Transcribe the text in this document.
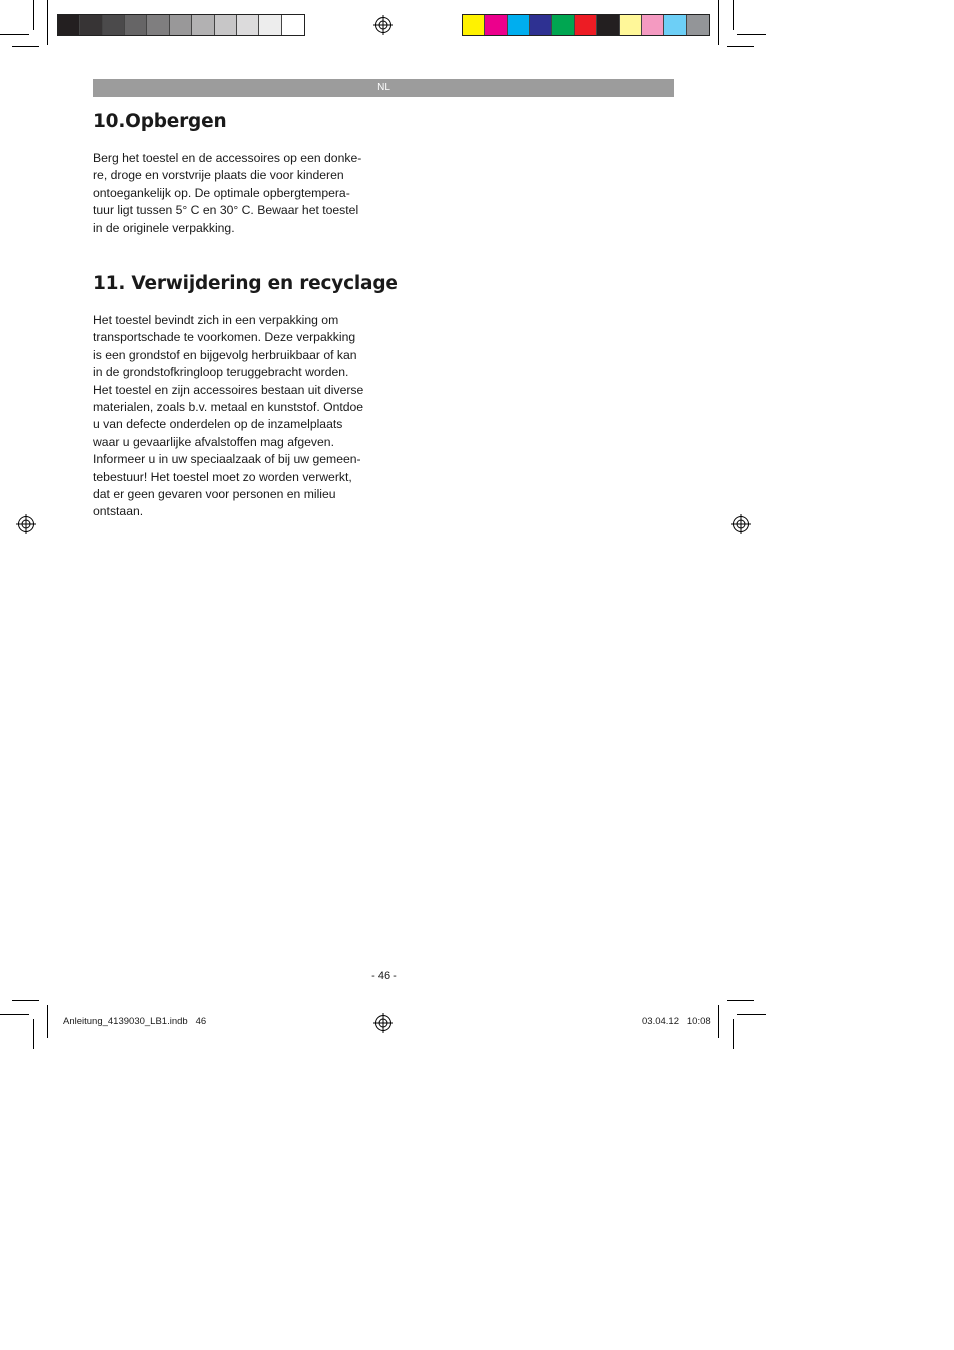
NL
10.Opbergen
Berg het toestel en de accessoires op een donke-
re, droge en vorstvrije plaats die voor kinderen
ontoegankelijk op. De optimale opbergtempera-
tuur ligt tussen 5° C en 30° C. Bewaar het toestel
in de originele verpakking.
11. Verwijdering en recyclage
Het toestel bevindt zich in een verpakking om
transportschade te voorkomen. Deze verpakking
is een grondstof en bijgevolg herbruikbaar of kan
in de grondstofkringloop teruggebracht worden.
Het toestel en zijn accessoires bestaan uit diverse
materialen, zoals b.v. metaal en kunststof. Ontdoe
u van defecte onderdelen op de inzamelplaats
waar u gevaarlijke afvalstoffen mag afgeven.
Informeer u in uw speciaalzaak of bij uw gemeen-
tebestuur! Het toestel moet zo worden verwerkt,
dat er geen gevaren voor personen en milieu
ontstaan.
- 46 -
Anleitung_4139030_LB1.indb   46	03.04.12   10:08
